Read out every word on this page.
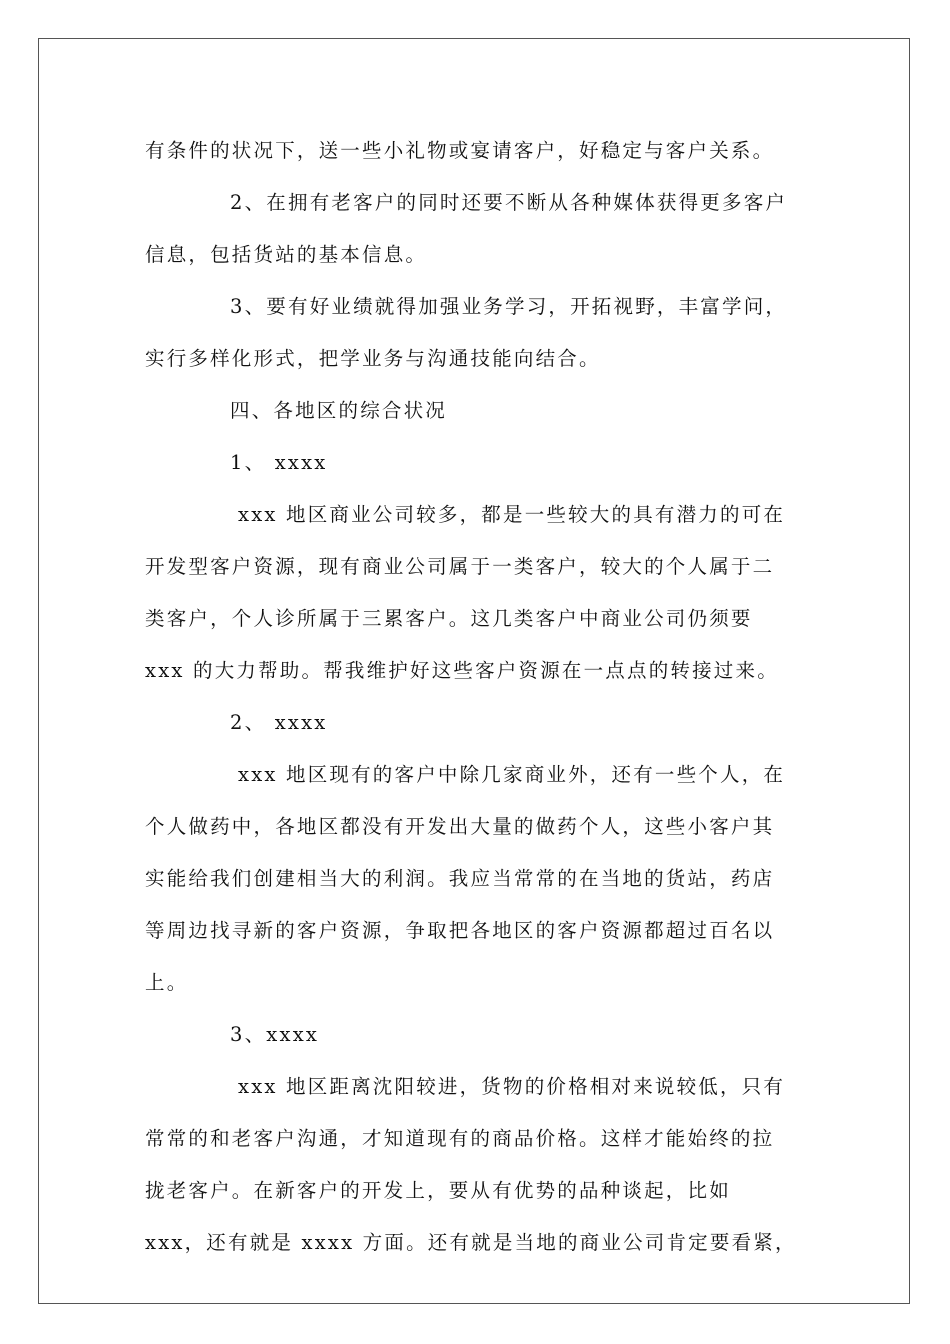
有条件的状况下，送一些小礼物或宴请客户，好稳定与客户关系。
2、在拥有老客户的同时还要不断从各种媒体获得更多客户
信息，包括货站的基本信息。
3、要有好业绩就得加强业务学习，开拓视野，丰富学问，
实行多样化形式，把学业务与沟通技能向结合。
四、各地区的综合状况
1、 xxxx
xxx 地区商业公司较多，都是一些较大的具有潜力的可在
开发型客户资源，现有商业公司属于一类客户，较大的个人属于二
类客户，个人诊所属于三累客户。这几类客户中商业公司仍须要
xxx 的大力帮助。帮我维护好这些客户资源在一点点的转接过来。
2、 xxxx
xxx 地区现有的客户中除几家商业外，还有一些个人，在
个人做药中，各地区都没有开发出大量的做药个人，这些小客户其
实能给我们创建相当大的利润。我应当常常的在当地的货站，药店
等周边找寻新的客户资源，争取把各地区的客户资源都超过百名以
上。
3、xxxx
xxx 地区距离沈阳较进，货物的价格相对来说较低，只有
常常的和老客户沟通，才知道现有的商品价格。这样才能始终的拉
拢老客户。在新客户的开发上，要从有优势的品种谈起，比如
xxx，还有就是 xxxx 方面。还有就是当地的商业公司肯定要看紧，
